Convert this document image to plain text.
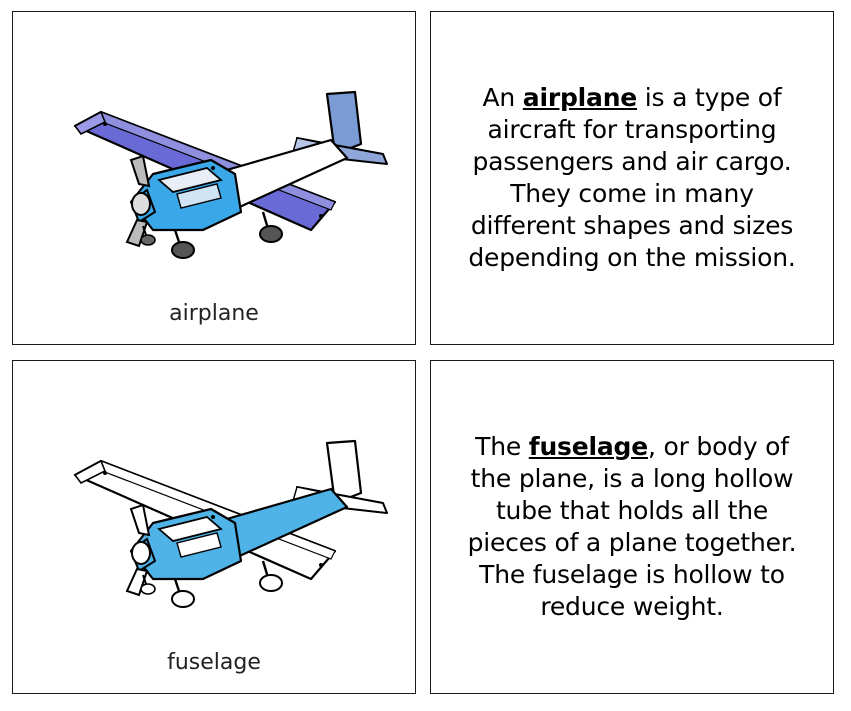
airplane
An airplane is a type of aircraft for transporting passengers and air cargo. They come in many different shapes and sizes depending on the mission.
fuselage
The fuselage, or body of the plane, is a long hollow tube that holds all the pieces of a plane together. The fuselage is hollow to reduce weight.
